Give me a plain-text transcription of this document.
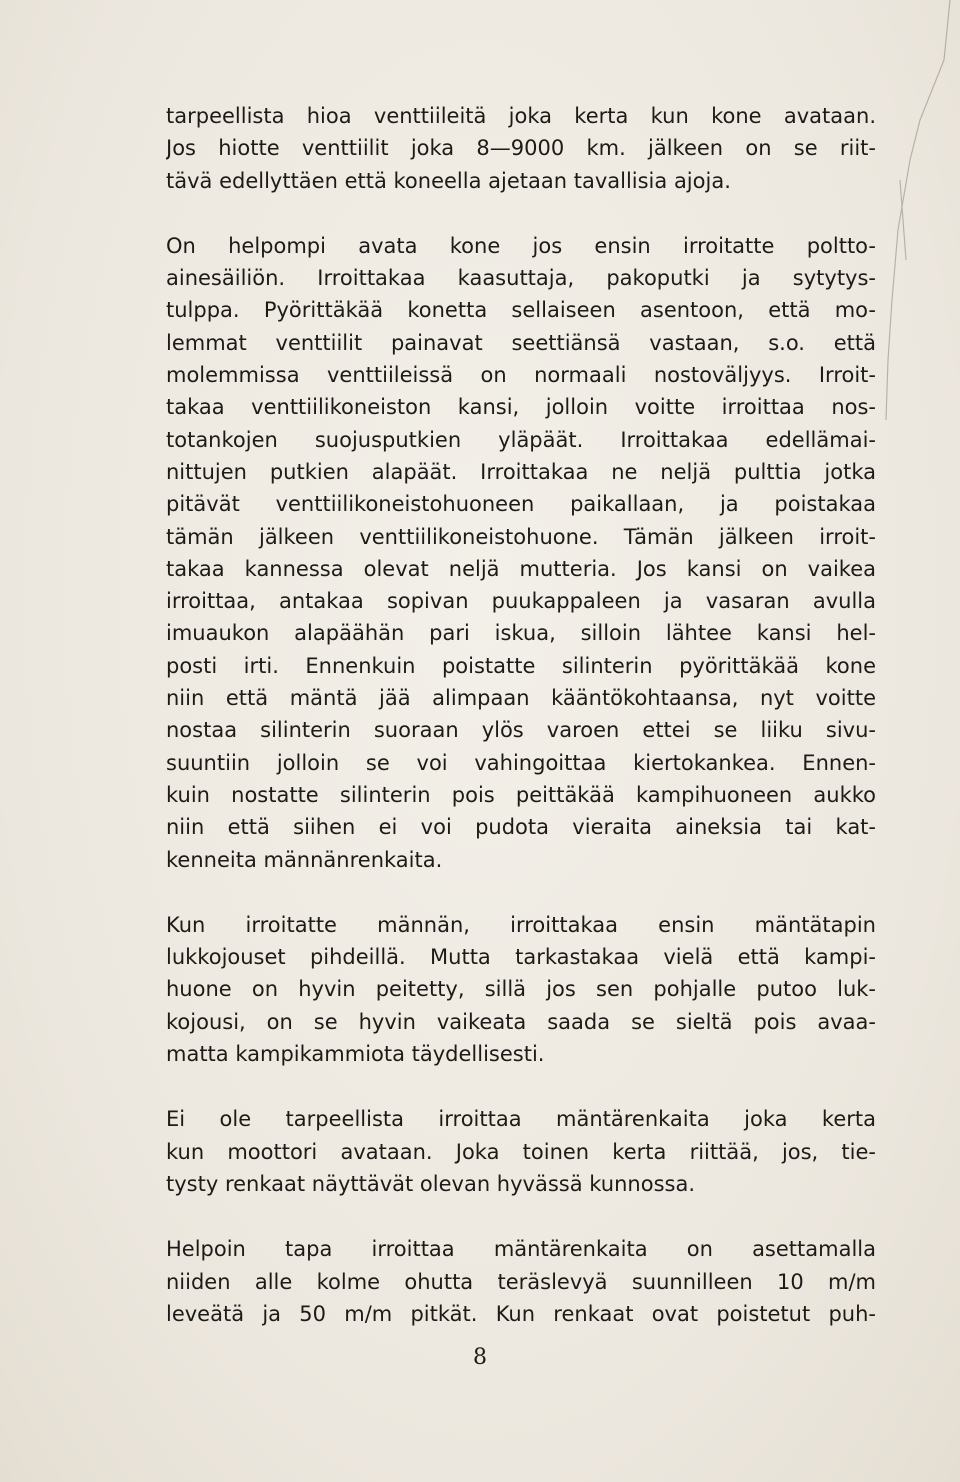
tarpeellista hioa venttiileitä joka kerta kun kone avataan.
Jos hiotte venttiilit joka 8—9000 km. jälkeen on se riit-
tävä edellyttäen että koneella ajetaan tavallisia ajoja.
On helpompi avata kone jos ensin irroitatte poltto-
ainesäiliön. Irroittakaa kaasuttaja, pakoputki ja sytytys-
tulppa. Pyörittäkää konetta sellaiseen asentoon, että mo-
lemmat venttiilit painavat seettiänsä vastaan, s.o. että
molemmissa venttiileissä on normaali nostoväljyys. Irroit-
takaa venttiilikoneiston kansi, jolloin voitte irroittaa nos-
totankojen suojusputkien yläpäät. Irroittakaa edellämai-
nittujen putkien alapäät. Irroittakaa ne neljä pulttia jotka
pitävät venttiilikoneistohuoneen paikallaan, ja poistakaa
tämän jälkeen venttiilikoneistohuone. Tämän jälkeen irroit-
takaa kannessa olevat neljä mutteria. Jos kansi on vaikea
irroittaa, antakaa sopivan puukappaleen ja vasaran avulla
imuaukon alapäähän pari iskua, silloin lähtee kansi hel-
posti irti. Ennenkuin poistatte silinterin pyörittäkää kone
niin että mäntä jää alimpaan kääntökohtaansa, nyt voitte
nostaa silinterin suoraan ylös varoen ettei se liiku sivu-
suuntiin jolloin se voi vahingoittaa kiertokankea. Ennen-
kuin nostatte silinterin pois peittäkää kampihuoneen aukko
niin että siihen ei voi pudota vieraita aineksia tai kat-
kenneita männänrenkaita.
Kun irroitatte männän, irroittakaa ensin mäntätapin
lukkojouset pihdeillä. Mutta tarkastakaa vielä että kampi-
huone on hyvin peitetty, sillä jos sen pohjalle putoo luk-
kojousi, on se hyvin vaikeata saada se sieltä pois avaa-
matta kampikammiota täydellisesti.
Ei ole tarpeellista irroittaa mäntärenkaita joka kerta
kun moottori avataan. Joka toinen kerta riittää, jos, tie-
tysty renkaat näyttävät olevan hyvässä kunnossa.
Helpoin tapa irroittaa mäntärenkaita on asettamalla
niiden alle kolme ohutta teräslevyä suunnilleen 10 m/m
leveätä ja 50 m/m pitkät. Kun renkaat ovat poistetut puh-
8
